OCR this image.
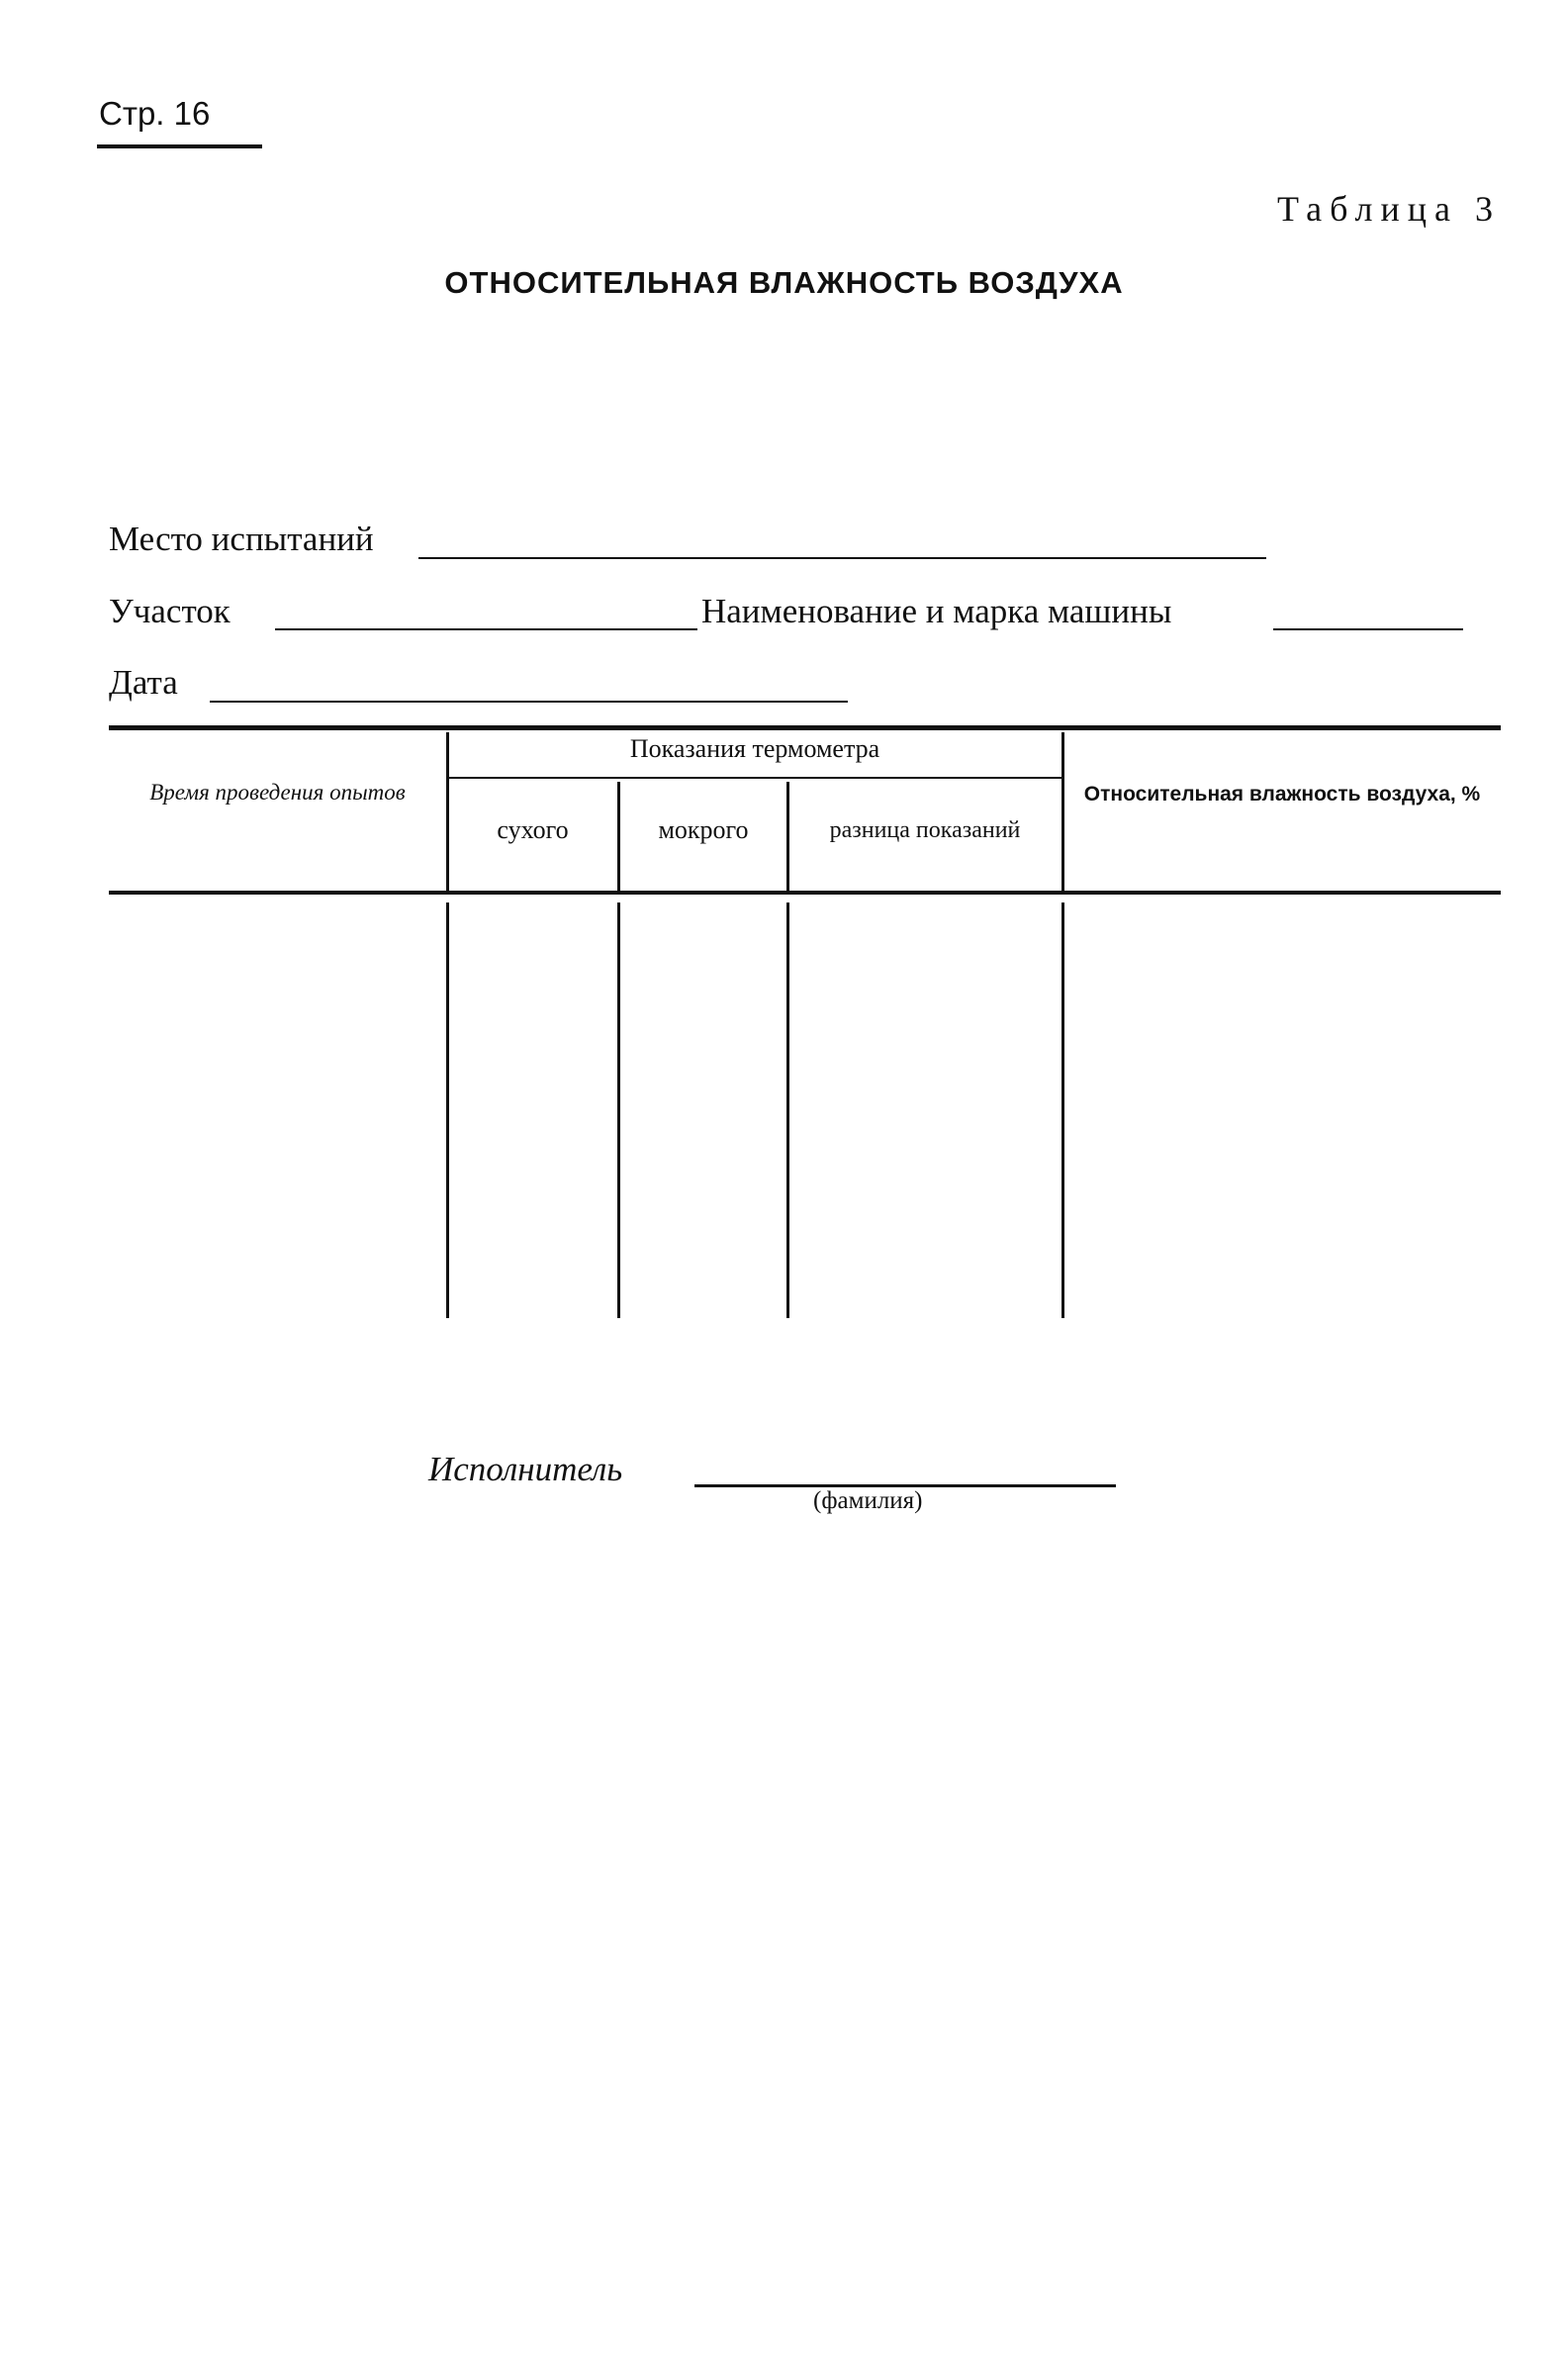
Стр. 16
Таблица 3
ОТНОСИТЕЛЬНАЯ ВЛАЖНОСТЬ ВОЗДУХА
Место испытаний
Участок	Наименование и марка машины
Дата
Время проведения опытов
Показания термометра
сухого	мокрого	разница показаний
Относительная влажность воздуха, %
Исполнитель
(фамилия)
